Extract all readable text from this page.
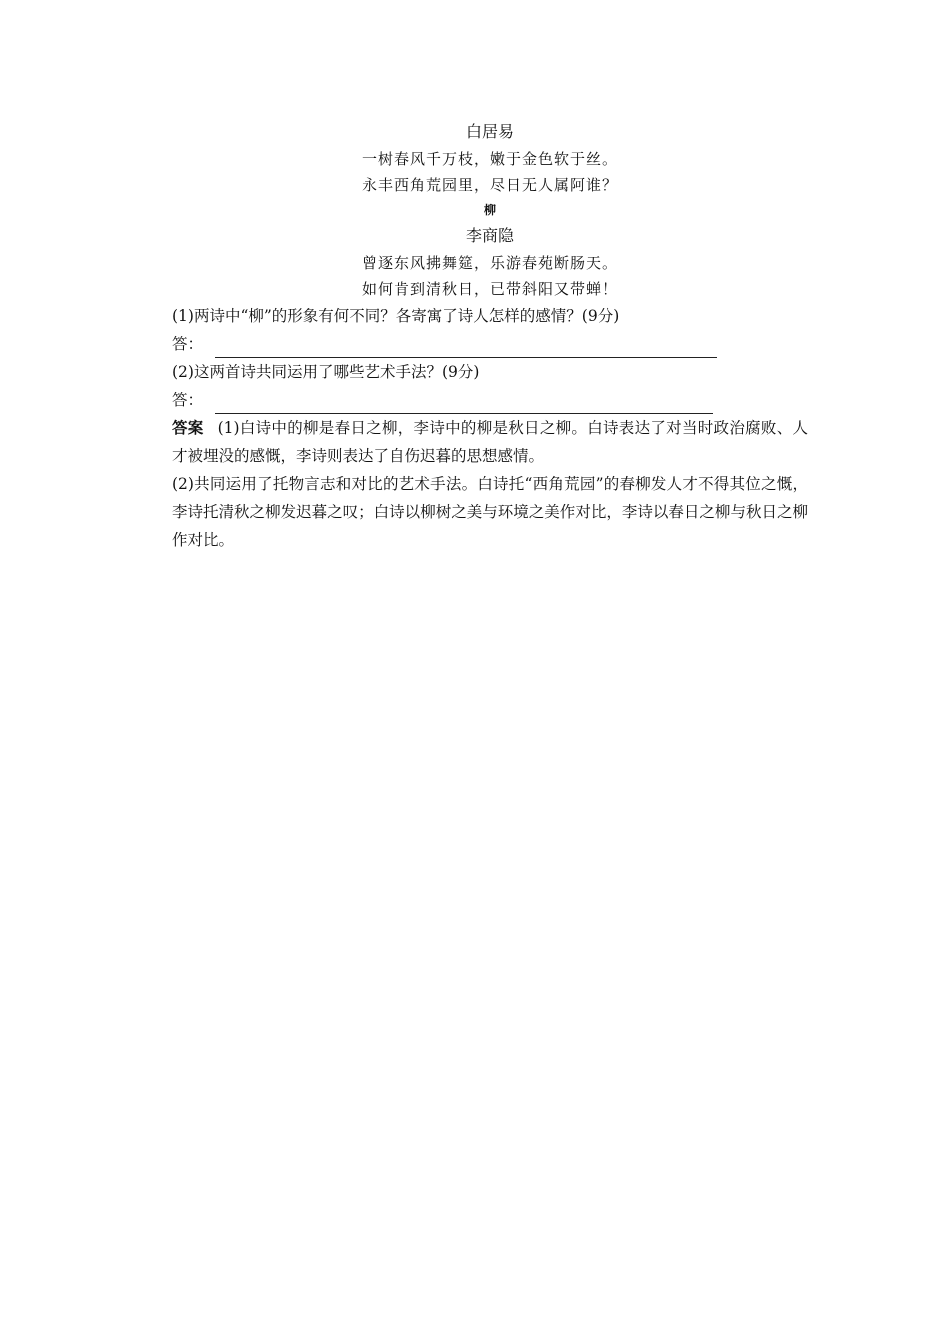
白居易

一树春风千万枝，嫩于金色软于丝。

永丰西角荒园里，尽日无人属阿谁？

柳

李商隐

曾逐东风拂舞筵，乐游春苑断肠天。

如何肯到清秋日，已带斜阳又带蝉！

(1)两诗中“柳”的形象有何不同？各寄寓了诗人怎样的感情？(9分)

答：

(2)这两首诗共同运用了哪些艺术手法？(9分)

答：

答案 (1)白诗中的柳是春日之柳，李诗中的柳是秋日之柳。白诗表达了对当时政治腐败、人才被埋没的感慨，李诗则表达了自伤迟暮的思想感情。

(2)共同运用了托物言志和对比的艺术手法。白诗托“西角荒园”的春柳发人才不得其位之慨，李诗托清秋之柳发迟暮之叹；白诗以柳树之美与环境之美作对比，李诗以春日之柳与秋日之柳作对比。
